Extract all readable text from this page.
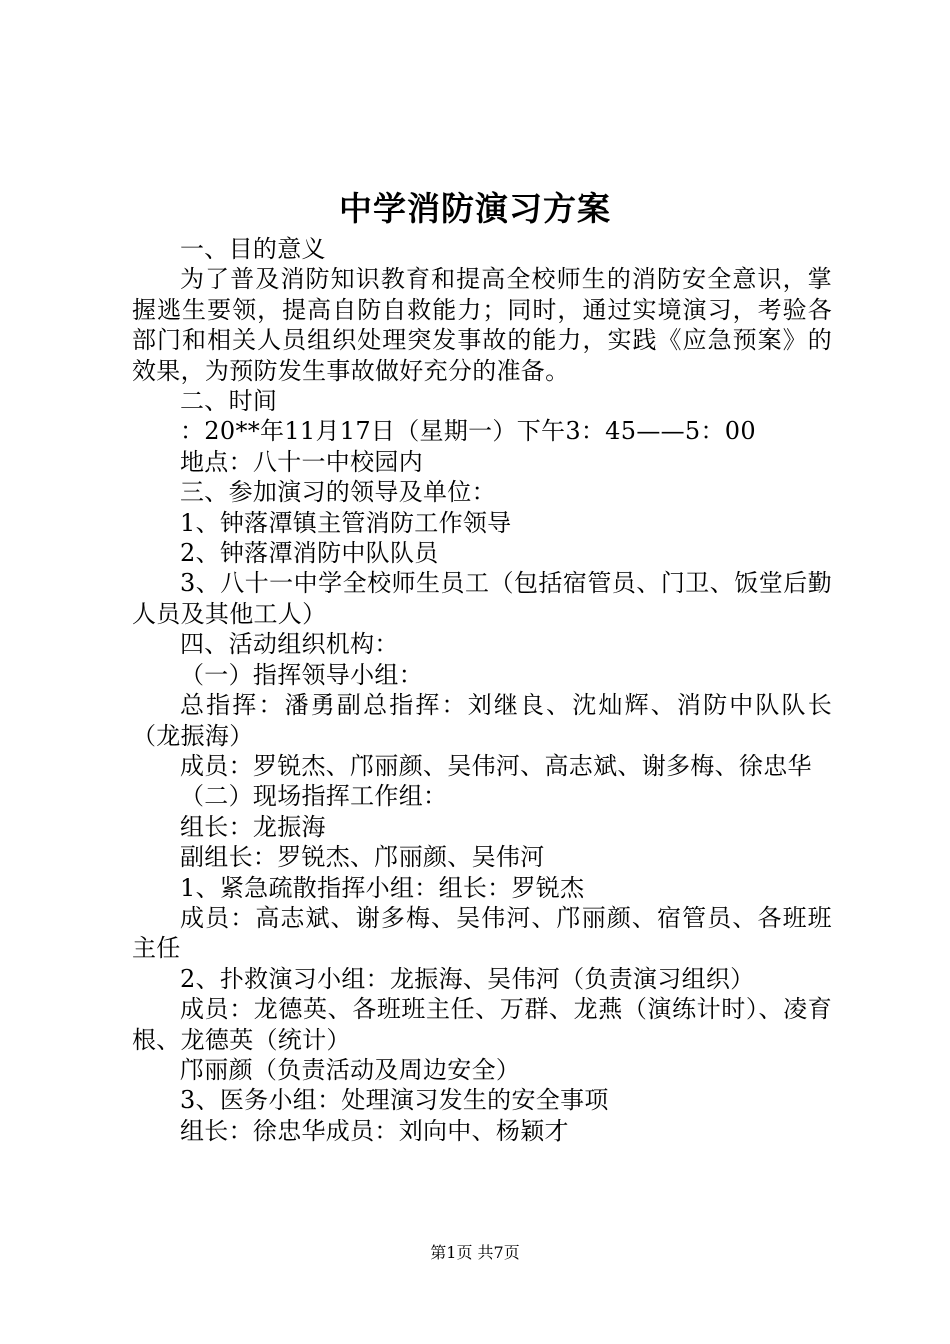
中学消防演习方案

一、目的意义

为了普及消防知识教育和提高全校师生的消防安全意识，掌握逃生要领，提高自防自救能力；同时，通过实境演习，考验各部门和相关人员组织处理突发事故的能力，实践《应急预案》的效果，为预防发生事故做好充分的准备。

二、时间

：20**年11月17日（星期一）下午3：45——5：00

地点：八十一中校园内

三、参加演习的领导及单位：

1、钟落潭镇主管消防工作领导

2、钟落潭消防中队队员

3、八十一中学全校师生员工（包括宿管员、门卫、饭堂后勤人员及其他工人）

四、活动组织机构：

（一）指挥领导小组：

总指挥：潘勇副总指挥：刘继良、沈灿辉、消防中队队长（龙振海）

成员：罗锐杰、邝丽颜、吴伟河、高志斌、谢多梅、徐忠华

（二）现场指挥工作组：

组长：龙振海

副组长：罗锐杰、邝丽颜、吴伟河

1、紧急疏散指挥小组：组长：罗锐杰

成员：高志斌、谢多梅、吴伟河、邝丽颜、宿管员、各班班主任

2、扑救演习小组：龙振海、吴伟河（负责演习组织）

成员：龙德英、各班班主任、万群、龙燕（演练计时）、凌育根、龙德英（统计）

邝丽颜（负责活动及周边安全）

3、医务小组：处理演习发生的安全事项

组长：徐忠华成员：刘向中、杨颖才

第1页 共7页
